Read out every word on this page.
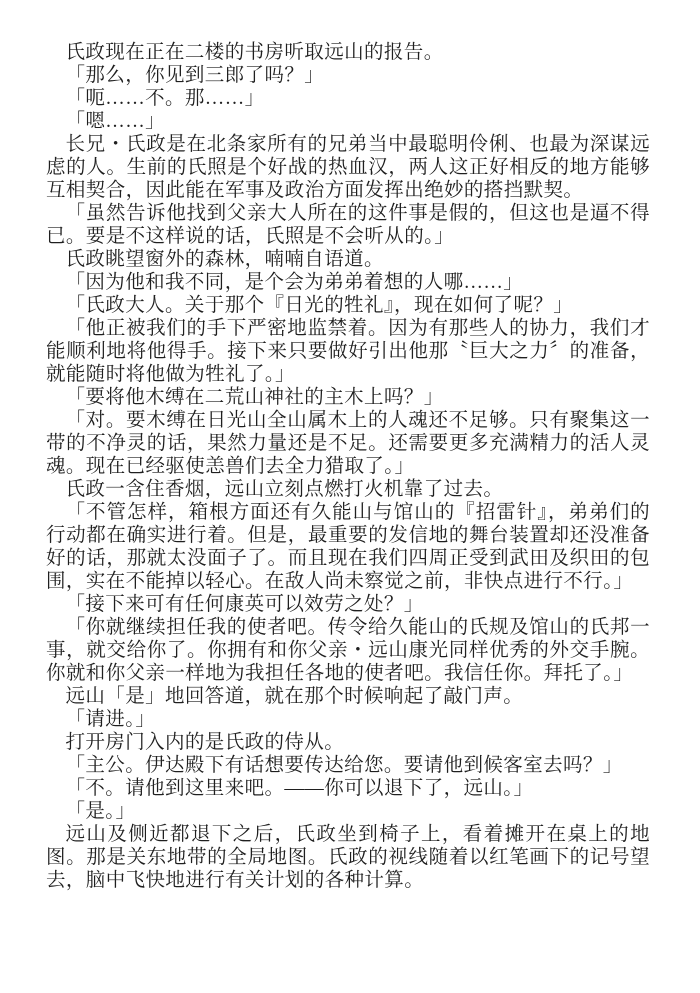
氏政现在正在二楼的书房听取远山的报告。

「那么，你见到三郎了吗？」

「呃……不。那……」

「嗯……」

长兄・氏政是在北条家所有的兄弟当中最聪明伶俐、也最为深谋远虑的人。生前的氏照是个好战的热血汉，两人这正好相反的地方能够互相契合，因此能在军事及政治方面发挥出绝妙的搭挡默契。

「虽然告诉他找到父亲大人所在的这件事是假的，但这也是逼不得已。要是不这样说的话，氏照是不会听从的。」

氏政眺望窗外的森林，喃喃自语道。

「因为他和我不同，是个会为弟弟着想的人哪……」

「氏政大人。关于那个『日光的牲礼』，现在如何了呢？」

「他正被我们的手下严密地监禁着。因为有那些人的协力，我们才能顺利地将他得手。接下来只要做好引出他那〝巨大之力〞的准备，就能随时将他做为牲礼了。」

「要将他木缚在二荒山神社的主木上吗？」

「对。要木缚在日光山全山属木上的人魂还不足够。只有聚集这一带的不净灵的话，果然力量还是不足。还需要更多充满精力的活人灵魂。现在已经驱使恙兽们去全力猎取了。」

氏政一含住香烟，远山立刻点燃打火机靠了过去。

「不管怎样，箱根方面还有久能山与馆山的『招雷针』，弟弟们的行动都在确实进行着。但是，最重要的发信地的舞台装置却还没准备好的话，那就太没面子了。而且现在我们四周正受到武田及织田的包围，实在不能掉以轻心。在敌人尚未察觉之前，非快点进行不行。」

「接下来可有任何康英可以效劳之处？」

「你就继续担任我的使者吧。传令给久能山的氏规及馆山的氏邦一事，就交给你了。你拥有和你父亲・远山康光同样优秀的外交手腕。你就和你父亲一样地为我担任各地的使者吧。我信任你。拜托了。」

远山「是」地回答道，就在那个时候响起了敲门声。

「请进。」

打开房门入内的是氏政的侍从。

「主公。伊达殿下有话想要传达给您。要请他到候客室去吗？」

「不。请他到这里来吧。——你可以退下了，远山。」

「是。」

远山及侧近都退下之后，氏政坐到椅子上，看着摊开在桌上的地图。那是关东地带的全局地图。氏政的视线随着以红笔画下的记号望去，脑中飞快地进行有关计划的各种计算。
